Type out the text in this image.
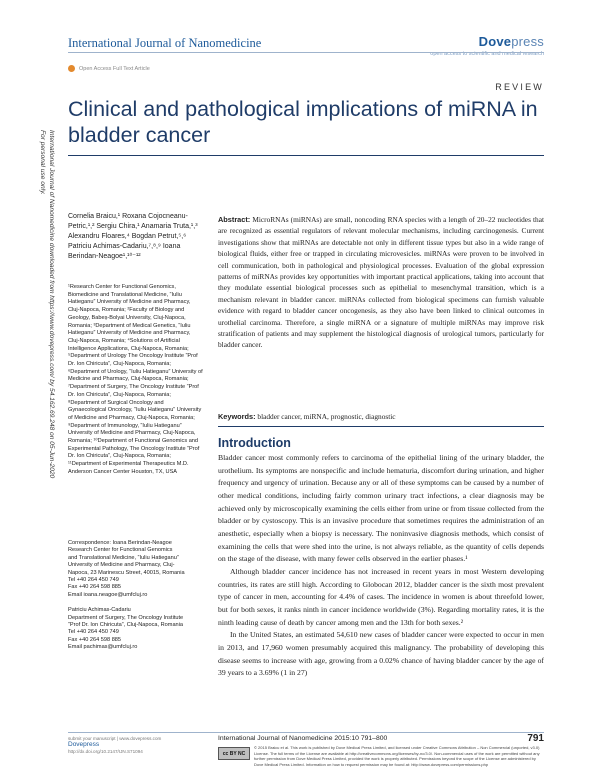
International Journal of Nanomedicine	Dovepress
open access to scientific and medical research
Open Access Full Text Article
REVIEW
Clinical and pathological implications of miRNA in bladder cancer
International Journal of Nanomedicine downloaded from https://www.dovepress.com/ by 54.162.69.248 on 05-Jun-2020
For personal use only.
Cornelia Braicu,¹ Roxana Cojocneanu-Petric,¹,² Sergiu Chira,¹ Anamaria Truta,¹,³ Alexandru Floares,⁴ Bogdan Petrut,⁵,⁶ Patriciu Achimas-Cadariu,⁷,⁸,⁹ Ioana Berindan-Neagoe¹,¹⁰⁻¹²
¹Research Center for Functional Genomics, Biomedicine and Translational Medicine, “Iuliu Hatieganu” University of Medicine and Pharmacy, Cluj-Napoca, Romania; ²Faculty of Biology and Geology, Babeș-Bolyai University, Cluj-Napoca, Romania; ³Department of Medical Genetics, “Iuliu Hatieganu” University of Medicine and Pharmacy, Cluj-Napoca, Romania; ⁴Solutions of Artificial Intelligence Applications, Cluj-Napoca, Romania; ⁵Department of Urology The Oncology Institute “Prof Dr. Ion Chiricuta”, Cluj-Napoca, Romania; ⁶Department of Urology, “Iuliu Hatieganu” University of Medicine and Pharmacy, Cluj-Napoca, Romania; ⁷Department of Surgery, The Oncology Institute “Prof Dr. Ion Chiricuta”, Cluj-Napoca, Romania; ⁸Department of Surgical Oncology and Gynaecological Oncology, “Iuliu Hatieganu” University of Medicine and Pharmacy, Cluj-Napoca, Romania; ⁹Department of Immunology, “Iuliu Hatieganu” University of Medicine and Pharmacy, Cluj-Napoca, Romania; ¹⁰Department of Functional Genomics and Experimental Pathology, The Oncology Institute “Prof Dr. Ion Chiricuta”, Cluj-Napoca, Romania; ¹¹Department of Experimental Therapeutics M.D. Anderson Cancer Center Houston, TX, USA
Correspondence: Ioana Berindan-Neagoe
Research Center for Functional Genomics
and Translational Medicine, “Iuliu Hatieganu”
University of Medicine and Pharmacy, Cluj-
Napoca, 23 Marinescu Street, 40015, Romania
Tel +40 264 450 749
Fax +40 264 598 885
Email ioana.neagoe@umfcluj.ro
Patriciu Achimas-Cadariu
Department of Surgery, The Oncology Institute
“Prof Dr. Ion Chiricuta”, Cluj-Napoca, Romania
Tel +40 264 450 749
Fax +40 264 598 885
Email pachimas@umfcluj.ro
Abstract: MicroRNAs (miRNAs) are small, noncoding RNA species with a length of 20–22 nucleotides that are recognized as essential regulators of relevant molecular mechanisms, including carcinogenesis. Current investigations show that miRNAs are detectable not only in different tissue types but also in a wide range of biological fluids, either free or trapped in circulating microvesicles. miRNAs were proven to be involved in cell communication, both in pathological and physiological processes. Evaluation of the global expression patterns of miRNAs provides key opportunities with important practical applications, taking into account that they modulate essential biological processes such as epithelial to mesenchymal transition, which is a mechanism relevant in bladder cancer. miRNAs collected from biological specimens can furnish valuable evidence with regard to bladder cancer oncogenesis, as they also have been linked to clinical outcomes in urothelial carcinoma. Therefore, a single miRNA or a signature of multiple miRNAs may improve risk stratification of patients and may supplement the histological diagnosis of urological tumors, particularly for bladder cancer.
Keywords: bladder cancer, miRNA, prognostic, diagnostic
Introduction

Bladder cancer most commonly refers to carcinoma of the epithelial lining of the urinary bladder, the urothelium. Its symptoms are nonspecific and include hematuria, discomfort during urination, and higher frequency and urgency of urination. Because any or all of these symptoms can be caused by a number of other medical conditions, including fairly common urinary tract infections, a clear diagnosis may be achieved only by microscopically examining the cells either from urine or from tissue collected from the bladder or by cystoscopy. This is an invasive procedure that sometimes requires the administration of an anesthetic, especially when a biopsy is necessary. The noninvasive diagnosis methods, which consist of examining the cells that were shed into the urine, is not always reliable, as the quantity of cells depends on the stage of the disease, with many fewer cells observed in the earlier phases.¹

Although bladder cancer incidence has not increased in recent years in most Western developing countries, its rates are still high. According to Globocan 2012, bladder cancer is the sixth most prevalent type of cancer in men, accounting for 4.4% of cases. The incidence in women is about threefold lower, but for both sexes, it ranks ninth in cancer incidence worldwide (3%). Regarding mortality rates, it is the ninth leading cause of death by cancer among men and the 13th for both sexes.²

In the United States, an estimated 54,610 new cases of bladder cancer were expected to occur in men in 2013, and 17,960 women presumably acquired this malignancy. The probability of developing this disease seems to increase with age, growing from a 0.02% chance of having bladder cancer by the age of 39 years to a 3.69% (1 in 27)

submit your manuscript | www.dovepress.com
Dovepress
http://dx.doi.org/10.2147/IJN.S71094
International Journal of Nanomedicine 2015:10 791–800	791
cc BY NC
© 2015 Braicu et al. This work is published by Dove Medical Press Limited, and licensed under Creative Commons Attribution – Non Commercial (unported, v3.0) License. The full terms of the License are available at http://creativecommons.org/licenses/by-nc/3.0/. Non-commercial uses of the work are permitted without any further permission from Dove Medical Press Limited, provided the work is properly attributed. Permissions beyond the scope of the License are administered by Dove Medical Press Limited. Information on how to request permission may be found at: http://www.dovepress.com/permissions.php
